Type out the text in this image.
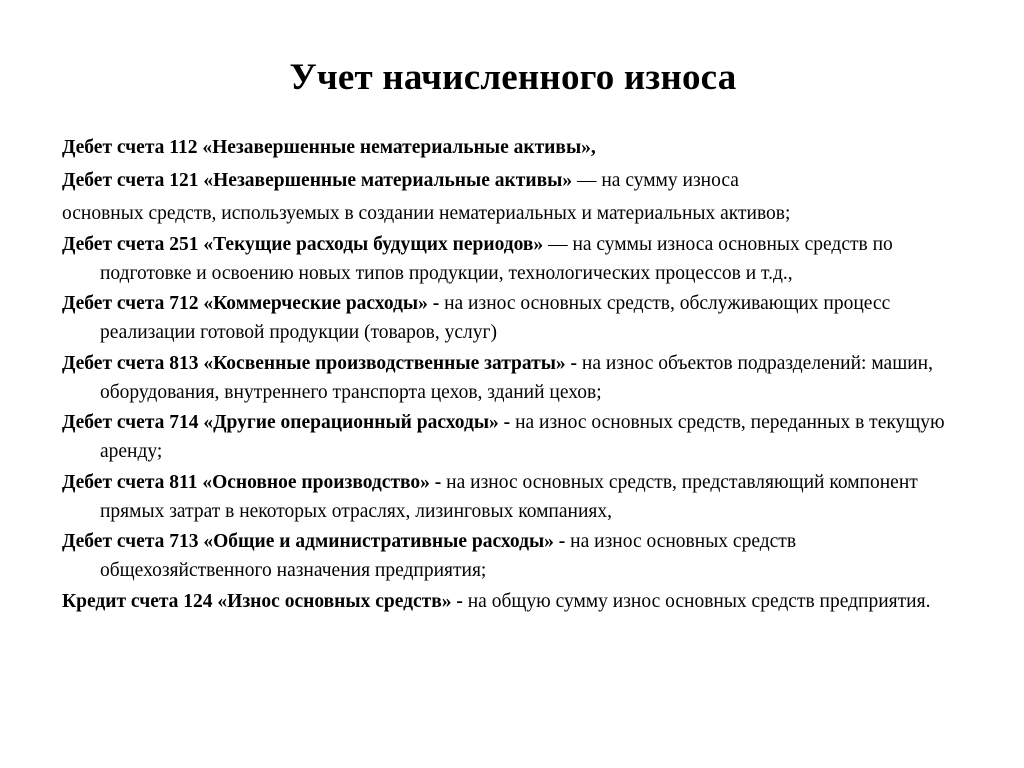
Учет начисленного износа

Дебет счета 112 «Незавершенные нематериальные активы»,

Дебет счета 121 «Незавершенные материальные активы» — на сумму износа

основных средств, используемых в создании нематериальных и материальных активов;

Дебет счета 251 «Текущие расходы будущих периодов» — на суммы износа основных средств по подготовке и освоению новых типов продукции, технологических процессов и т.д.,

Дебет счета 712 «Коммерческие расходы» - на износ основных средств, обслуживающих процесс реализации готовой продукции (товаров, услуг)

Дебет счета 813 «Косвенные производственные затраты» - на износ объектов подразделений: машин, оборудования, внутреннего транспорта цехов, зданий цехов;

Дебет счета 714 «Другие операционный расходы» - на износ основных средств, переданных в текущую аренду;

Дебет счета 811 «Основное производство» - на износ основных средств, представляющий компонент прямых затрат в некоторых отраслях, лизинговых компаниях,

Дебет счета 713 «Общие и административные расходы» - на износ основных средств общехозяйственного назначения предприятия;

Кредит счета 124 «Износ основных средств» - на общую сумму износ основных средств предприятия.
